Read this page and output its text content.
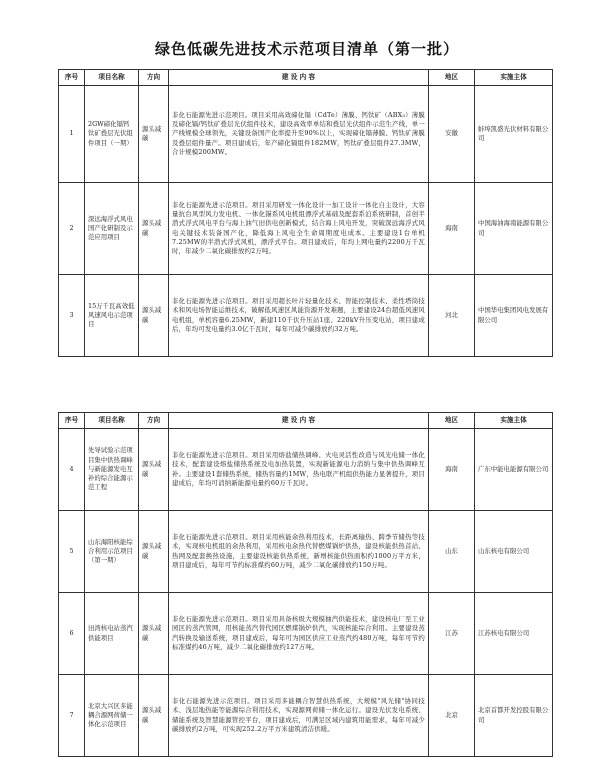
绿色低碳先进技术示范项目清单（第一批）
序号	项目名称	方向	建 设 内 容	地区	实施主体
1	2GW碲化镉钙钛矿叠层光伏组件项目（一期）	源头减碳	非化石能源先进示范项目。项目采用高效碲化镉（CdTe）薄膜、钙钛矿（ABX₃）薄膜及碲化镉/钙钛矿叠层光伏组件技术，建设高效率单结和叠层光伏组件示范生产线，单一产线规模全球领先，关键设备国产化率提升至90%以上，实现碲化镉薄膜、钙钛矿薄膜及叠层组件量产。项目建成后，年产碲化镉组件182MW，钙钛矿叠层组件27.3MW，合计规模200MW。	安徽	蚌埠凯盛光伏材料有限公司
2	深远海浮式风电国产化研制及示范应用项目	源头减碳	非化石能源先进示范项目。项目采用研发一体化设计一加工设计一体化自主设计，大容量抗台风型风力发电机、一体化锚系风电机组漂浮式基础及配套系泊系统研制，首创半潜式浮式风电平台与海上油气田供电创新模式，结合海上风电开发，突破深远海浮式风电关键技术装备国产化，降低海上风电全生命周期度电成本。主要建设1台单机7.25MW的半潜式浮式风机，漂浮式平台。项目建成后，年均上网电量约2200万千瓦时，年减少二氧化碳排放约2万吨。	海南	中国海油海南能源有限公司
3	15万千瓦高效低风速风电示范项目	源头减碳	非化石能源先进示范项目。项目采用超长叶片轻量化技术、智能控制技术、柔性塔筒技术和风电场智能运维技术，破解低风速区风能资源开发难题，主要建设24台超低风速风电机组，单机容量6.25MW，新建110千伏升压站1座、220kV升压变电站，项目建成后，年均可发电量约3.0亿千瓦时，每年可减少碳排放约32万吨。	河北	中国华电集团风电发展有限公司
序号	项目名称	方向	建 设 内 容	地区	实施主体
4	先导试验示范项目集中供热调峰与新能源发电互补的综合能源示范工程	源头减碳	非化石能源先进示范项目。项目采用熔盐储热调峰、火电灵活性改造与风光电储一体化技术，配套建设熔盐储热系统及电加热装置，实现新能源电力消纳与集中供热调峰互补。主要建设1套储热系统，储热容量约1MW，热电联产机组供热能力显著提升，项目建成后，年均可消纳新能源电量约60万千瓦时。	海南	广东中能电能源有限公司
5	山东海阳核能综合利用示范项目（第一期）	源头减碳	非化石能源先进示范项目。项目采用核能余热利用技术，长距离输热、跨季节储热等技术，实现核电机组的余热利用，采用核电余热代替燃煤锅炉供热，建设核能供热首站、热网及配套换热设施，主要建设核能供热系统，新增核能供热面积约1000万平方米，项目建成后，每年可节约标准煤约60万吨，减少二氧化碳排放约150万吨。	山东	山东核电有限公司
6	田湾核电站蒸汽供能项目	源头减碳	非化石能源先进示范项目。项目采用具备核级大规模抽汽供能技术，建设核电厂至工业园区的蒸汽管网，用核能蒸汽替代园区燃煤锅炉供汽，实现核能综合利用。主要建设蒸汽转换及输送系统，项目建成后，每年可为园区供应工业蒸汽约480万吨，每年可节约标准煤约46万吨，减少二氧化碳排放约127万吨。	江苏	江苏核电有限公司
7	北京大兴区多能耦合源网荷储一体化示范项目	源头减碳	非化石能源先进示范项目。项目采用多能耦合智慧供热系统，大规模"风光储"协同技术、浅层地热能等能源综合利用技术，实现源网荷储一体化运行。建设光伏发电系统、储能系统及智慧能源管控平台，项目建成后，可满足区域内建筑用能需求，每年可减少碳排放约2万吨，可实现252.2万平方米建筑清洁供暖。	北京	北京首都开发控股有限公司
